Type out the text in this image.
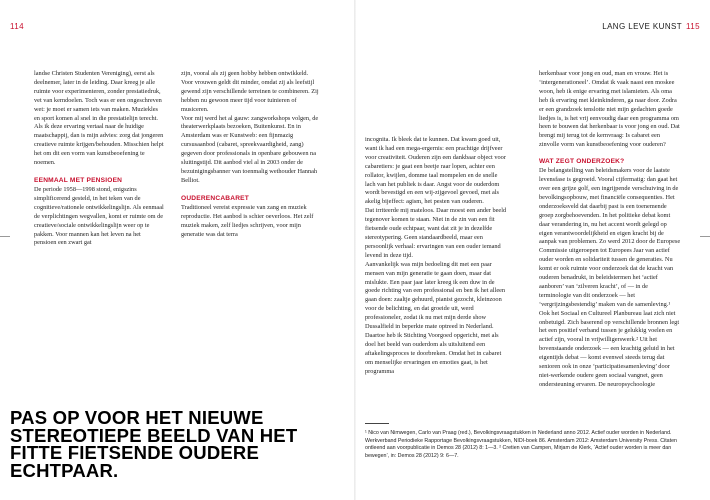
114	LANG LEVE KUNST 115

landse Christen Studenten Vereniging), eerst als deelnemer, later in de leiding. Daar kreeg je alle ruimte voor experimenteren, zonder prestatiedruk, vet van kerndoelen. Toch was er een ongeschreven wet: je moet er samen iets van maken. Muziekles en sport komen al snel in die prestatielijn terecht. Als ik deze ervaring vertaal naar de huidige maatschappij, dan is mijn advies: zorg dat jongeren creatieve ruimte krijgen/behouden. Misschien helpt het om dit een vorm van kunstbeoefening te noemen.

EENMAAL MET PENSIOEN

De periode 1958—1998 stond, enigszins simplificerend gesteld, in het teken van de cognitieve/rationele ontwikkelingslijn. Als eenmaal de verplichtingen wegvallen, komt er ruimte om de creatieve/sociale ontwikkelingslijn weer op te pakken. Voor mannen kan het leven na het pensioen een zwart gat

zijn, vooral als zij geen hobby hebben ontwikkeld. Voor vrouwen geldt dit minder, omdat zij als leefstijl gewend zijn verschillende terreinen te combineren. Zij hebben nu gewoon meer tijd voor tuinieren of musiceren.

Voor mij werd het al gauw: zangworkshops volgen, de theaterwerkplaats bezoeken, Buitenkunst. En in Amsterdam was er Kunstweb: een fijnmazig cursusaanbod (cabaret, spreekvaardigheid, zang) gegeven door professionals in openbare gebouwen na sluitingstijd. Dit aanbod viel al in 2003 onder de bezuinigingsbanner van toenmalig wethouder Hannah Belliot.

OUDERENCABARET

Traditioneel vereist expressie van zang en muziek reproductie. Het aanbod is schier oeverloos. Het zelf muziek maken, zelf liedjes schrijven, voor mijn generatie was dat terra

incognita. Ik bleek dat te kunnen. Dat kwam goed uit, want ik had een mega-ergernis: een prachtige drijfveer voor creativiteit. Ouderen zijn een dankbaar object voor cabaretiers: je gaat een beetje raar lopen, achter een rollator, kwijlen, domme taal mompelen en de snelle lach van het publiek is daar. Angst voor de ouderdom wordt bevestigd en een wij-zijgevoel gevoed, met als akelig bijeffect: agism, het pesten van ouderen.

Dat irriteerde mij mateloos. Daar moest een ander beeld tegenover komen te staan. Niet in de zin van een fit fietsende oude echtpaar, want dat zit je in dezelfde stereotypering. Geen standaardbeeld, maar een persoonlijk verhaal: ervaringen van een ouder iemand levend in deze tijd.

Aanvankelijk was mijn bedoeling dit met een paar mensen van mijn generatie te gaan doen, maar dat mislukte. Een paar jaar later kreeg ik een duw in de goede richting van een professional en ben ik het alleen gaan doen: zaaltje gehuurd, pianist gezocht, kleinzoon voor de belichting, en dat groeide uit, werd professioneler, zodat ik nu met mijn derde show Dussalfield in beperkte mate optreed in Nederland. Daartoe heb ik Stichting Voorgoed opgericht, met als doel het beeld van ouderdom als uitsluitend een aftakelingsproces te doorbreken. Omdat het in cabaret om menselijke ervaringen en emoties gaat, is het programma

herkenbaar voor jong en oud, man en vrouw. Het is ‘intergenerationeel’. Omdat ik vaak naast een moskee woon, heb ik enige ervaring met islamieten. Als oma heb ik ervaring met kleinkinderen, ga naar door. Zodra er een grandzoek tenslotte niet mijn gedachten goede liedjes is, is het vrij eenvoudig daar een programma om heen te bouwen dat herkenbaar is voor jong en oud. Dat brengt mij terug tot de kernvraag: Is cabaret een zinvolle vorm van kunstbeoefening voor ouderen?

WAT ZEGT ONDERZOEK?

De belangstelling van beleidsmakers voor de laatste levensfase is gegroeid. Vooral cijfermatig: dan gaat het over een grijze golf, een ingrijpende verschuiving in de bevolkingsopbouw, met financiële consequenties. Het onderzoeksveld dat daarbij past is een toenemende groep zorgbehoevenden. In het politieke debat komt daar verandering in, nu het accent wordt gelegd op eigen verantwoordelijkheid en eigen kracht bij de aanpak van problemen. Zo werd 2012 door de Europese Commissie uitgeroepen tot Europees Jaar van actief ouder worden en solidariteit tussen de generaties. Nu komt er ook ruimte voor onderzoek dat de kracht van ouderen benadrukt, in beleidstermen het ‘actief aanboren’ van ‘zilveren kracht’, of — in de terminologie van dit onderzoek — het ‘vergrijzingsbestendig’ maken van de samenleving.¹ Ook het Sociaal en Cultureel Planbureau laat zich niet onbetuigd. Zich baserend op verschillende bronnen legt het een positief verband tussen je gelukkig voelen en actief zijn, vooral in vrijwilligerswerk.² Uit het bovenstaande onderzoek — een krachtig geluid in het eigentijds debat — komt evenwel steeds terug dat senioren ook in onze ‘participatiesamenleving’ door niet-werkende oudere geen sociaal vangnet, geen ondersteuning ervaren. De neuropsychoologie

PAS OP VOOR HET NIEUWE STEREOTIEPE BEELD VAN HET FITTE FIETSENDE OUDERE ECHTPAAR.
¹ Nico van Nimwegen, Carlo van Praag (red.), Bevolkingsvraagstukken in Nederland anno 2012. Actief ouder worden in Nederland. Werkverband Periodieke Rapportage Bevolkingsvraagstukken, NIDI-boek 86. Amsterdam 2012: Amsterdam University Press. Citaten ontleend aan voorpublicatie in Demos 28 (2012) 8: 1—3. ² Cretien van Campen, Mirjam de Klerk, ‘Actief ouder worden is meer dan bewegen’, in: Demos 28 (2012) 9: 6—7.
